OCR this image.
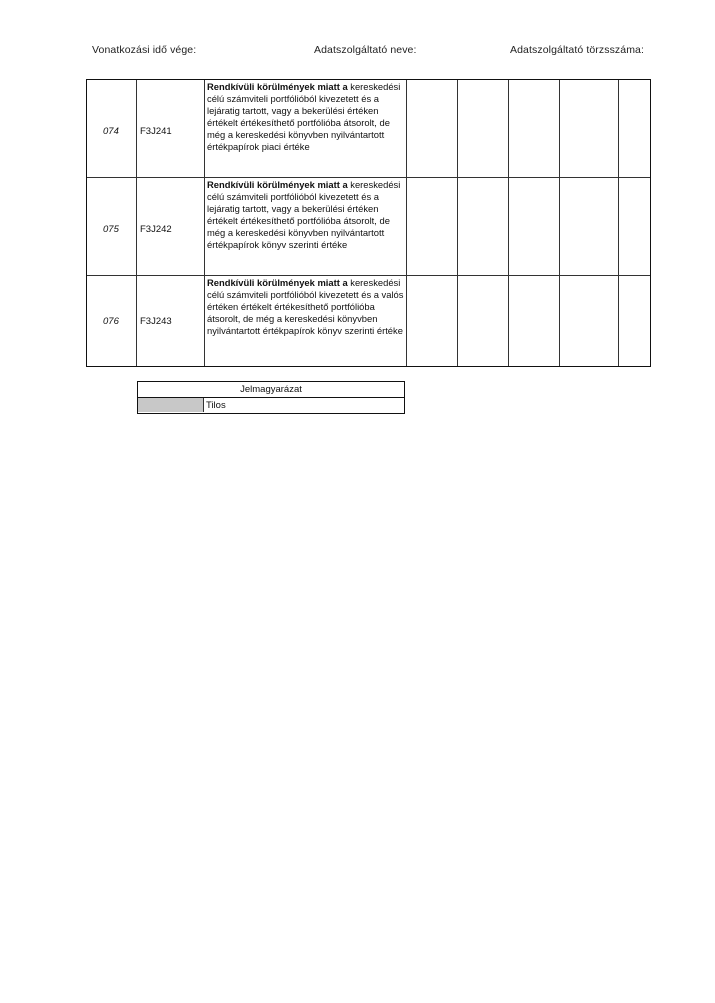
Vonatkozási idő vége:	Adatszolgáltató neve:	Adatszolgáltató törzsszáma:
074 F3J241
Rendkívüli körülmények miatt a kereskedési célú számviteli portfólióból kivezetett és a lejáratig tartott, vagy a bekerülési értéken értékelt értékesíthető portfólióba átsorolt, de még a kereskedési könyvben nyilvántartott értékpapírok piaci értéke
075 F3J242
Rendkívüli körülmények miatt a kereskedési célú számviteli portfólióból kivezetett és a lejáratig tartott, vagy a bekerülési értéken értékelt értékesíthető portfólióba átsorolt, de még a kereskedési könyvben nyilvántartott értékpapírok könyv szerinti értéke
076 F3J243
Rendkívüli körülmények miatt a kereskedési célú számviteli portfólióból kivezetett és a valós értéken értékelt értékesíthető portfólióba átsorolt, de még a kereskedési könyvben nyilvántartott értékpapírok könyv szerinti értéke
Jelmagyarázat
Tilos
